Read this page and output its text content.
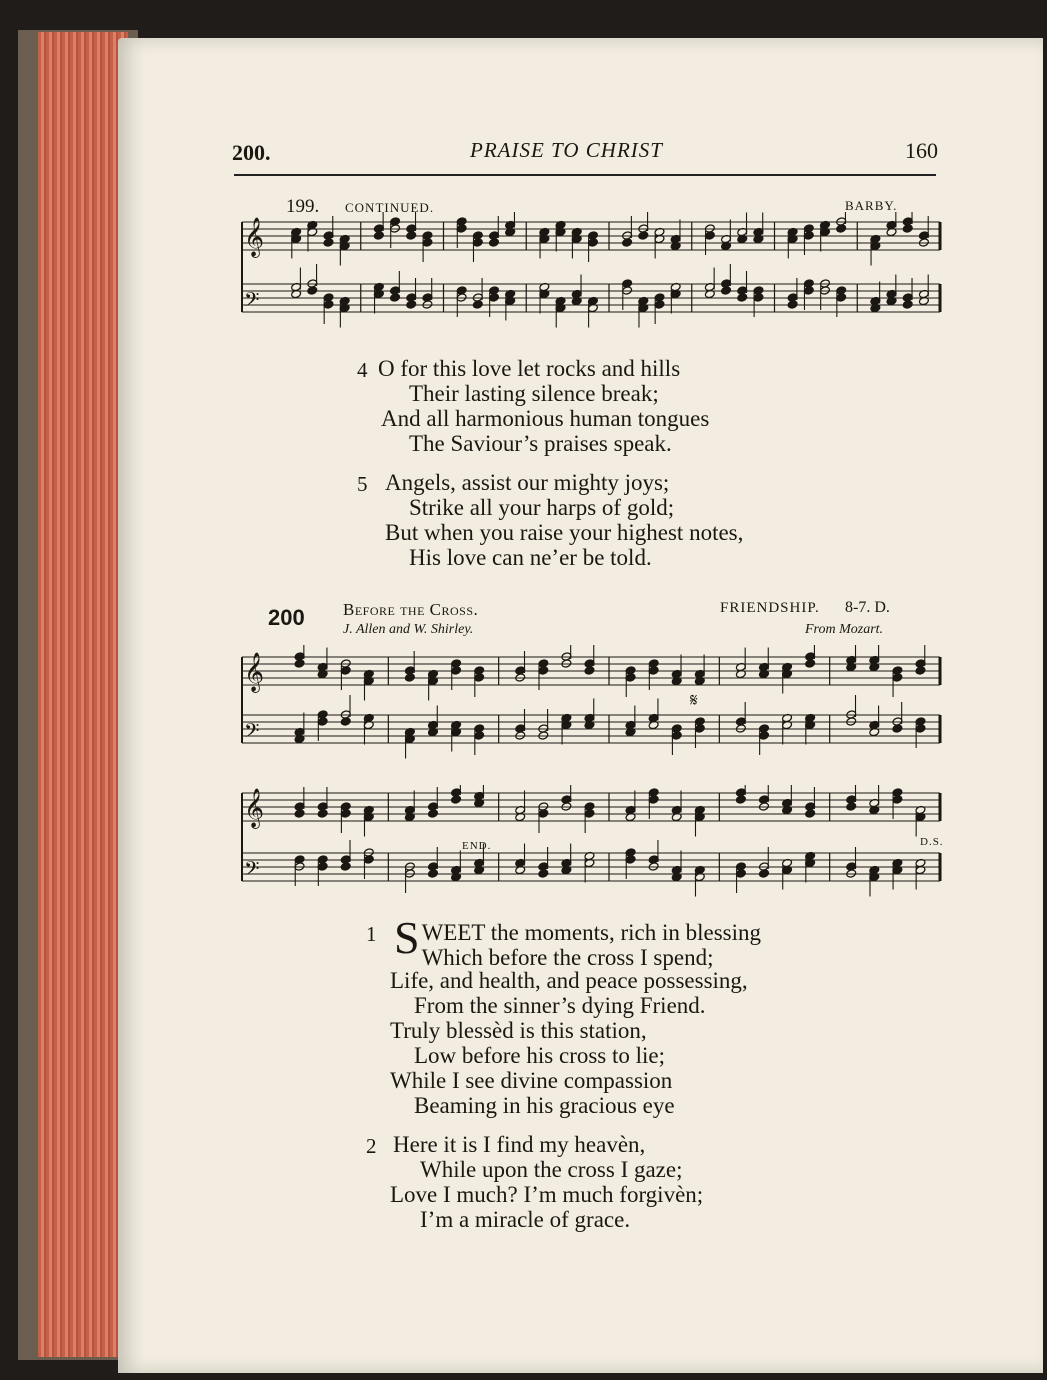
200.	PRAISE TO CHRIST	160
199. CONTINUED.	BARBY.
𝄞
𝄢
4 O for this love let rocks and hills
Their lasting silence break;
And all harmonious human tongues
The Saviour’s praises speak.
5 Angels, assist our mighty joys;
Strike all your harps of gold;
But when you raise your highest notes,
His love can ne’er be told.
200 Before the Cross.
J. Allen and W. Shirley.
FRIENDSHIP. 8-7. D.
From Mozart.
𝄞
𝄢
𝄋
𝄞
𝄢
END.	D.S.
1 S WEET the moments, rich in blessing
Which before the cross I spend;
Life, and health, and peace possessing,
From the sinner’s dying Friend.
Truly blessèd is this station,
Low before his cross to lie;
While I see divine compassion
Beaming in his gracious eye
2 Here it is I find my heavèn,
While upon the cross I gaze;
Love I much? I’m much forgivèn;
I’m a miracle of grace.
